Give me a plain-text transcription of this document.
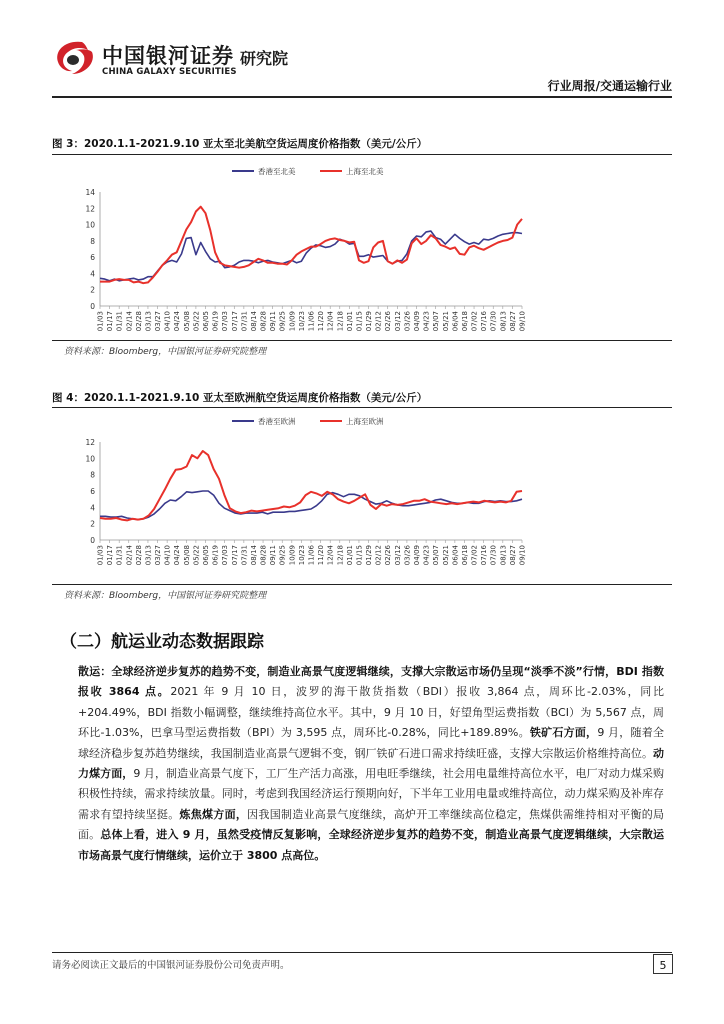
中国银河证券 研究院
CHINA GALAXY SECURITIES
行业周报/交通运输行业
图 3：2020.1.1-2021.9.10 亚太至北美航空货运周度价格指数（美元/公斤）
0
2
4
6
8
10
12
14
01/03 01/17 01/31 02/14 02/28 03/13 03/27 04/10 04/24 05/08 05/22 06/05 06/19 07/03 07/17 07/31 08/14 08/28 09/11 09/25 10/09 10/23 11/06 11/20 12/04 12/18 01/01 01/15 01/29 02/12 02/26 03/12 03/26 04/09 04/23 05/07 05/21 06/04 06/18 07/02 07/16 07/30 08/13 08/27 09/10
香港至北美	上海至北美
资料来源：Bloomberg，中国银河证券研究院整理
图 4：2020.1.1-2021.9.10 亚太至欧洲航空货运周度价格指数（美元/公斤）
0
2
4
6
8
10
12
01/03 01/17 01/31 02/14 02/28 03/13 03/27 04/10 04/24 05/08 05/22 06/05 06/19 07/03 07/17 07/31 08/14 08/28 09/11 09/25 10/09 10/23 11/06 11/20 12/04 12/18 01/01 01/15 01/29 02/12 02/26 03/12 03/26 04/09 04/23 05/07 05/21 06/04 06/18 07/02 07/16 07/30 08/13 08/27 09/10
香港至欧洲	上海至欧洲
资料来源：Bloomberg，中国银河证券研究院整理
（二）航运业动态数据跟踪
散运：全球经济逆步复苏的趋势不变，制造业高景气度逻辑继续，支撑大宗散运市场仍呈现“淡季不淡”行情，BDI 指数报收 3864 点。2021 年 9 月 10 日，波罗的海干散货指数（BDI）报收 3,864 点，周环比-2.03%，同比+204.49%，BDI 指数小幅调整，继续维持高位水平。其中，9 月 10 日，好望角型运费指数（BCI）为 5,567 点，周环比-1.03%，巴拿马型运费指数（BPI）为 3,595 点，周环比-0.28%，同比+189.89%。铁矿石方面，9 月，随着全球经济稳步复苏趋势继续，我国制造业高景气逻辑不变，钢厂铁矿石进口需求持续旺盛，支撑大宗散运价格维持高位。动力煤方面，9 月，制造业高景气度下，工厂生产活力高涨，用电旺季继续，社会用电量维持高位水平，电厂对动力煤采购积极性持续，需求持续放量。同时，考虑到我国经济运行预期向好，下半年工业用电量或维持高位，动力煤采购及补库存需求有望持续坚挺。炼焦煤方面，因我国制造业高景气度继续，高炉开工率继续高位稳定，焦煤供需维持相对平衡的局面。总体上看，进入 9 月，虽然受疫情反复影响，全球经济逆步复苏的趋势不变，制造业高景气度逻辑继续，大宗散运市场高景气度行情继续，运价立于 3800 点高位。
请务必阅读正文最后的中国银河证券股份公司免责声明。	5
